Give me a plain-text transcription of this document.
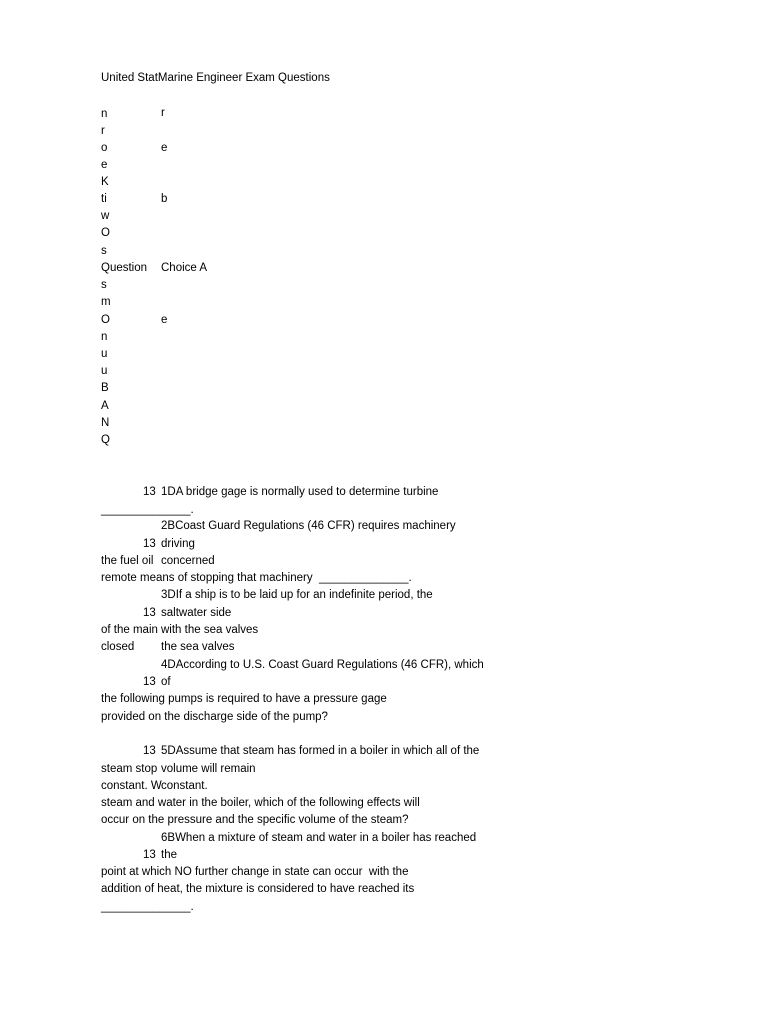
United StatMarine Engineer Exam Questions
n
r
o
e
K
ti
w
O
s
Question
s
m
O
n
u
u
B
A
N
Q
r
e
b
Choice A
e
13 1DA bridge gage is normally used to determine turbine
______________.
2BCoast Guard Regulations (46 CFR) requires machinery
13 driving
the fuel oil concerned
remote means of stopping that machinery  ______________.
3DIf a ship is to be laid up for an indefinite period, the
13 saltwater side
of the main with the sea valves
closed the sea valves
4DAccording to U.S. Coast Guard Regulations (46 CFR), which
13 of
the following pumps is required to have a pressure gage
provided on the discharge side of the pump?
13 5DAssume that steam has formed in a boiler in which all of the
steam stop volume will remain
constant. W constant.
steam and water in the boiler, which of the following effects will
occur on the pressure and the specific volume of the steam?
6BWhen a mixture of steam and water in a boiler has reached
13 the
point at which NO further change in state can occur  with the
addition of heat, the mixture is considered to have reached its
______________.
